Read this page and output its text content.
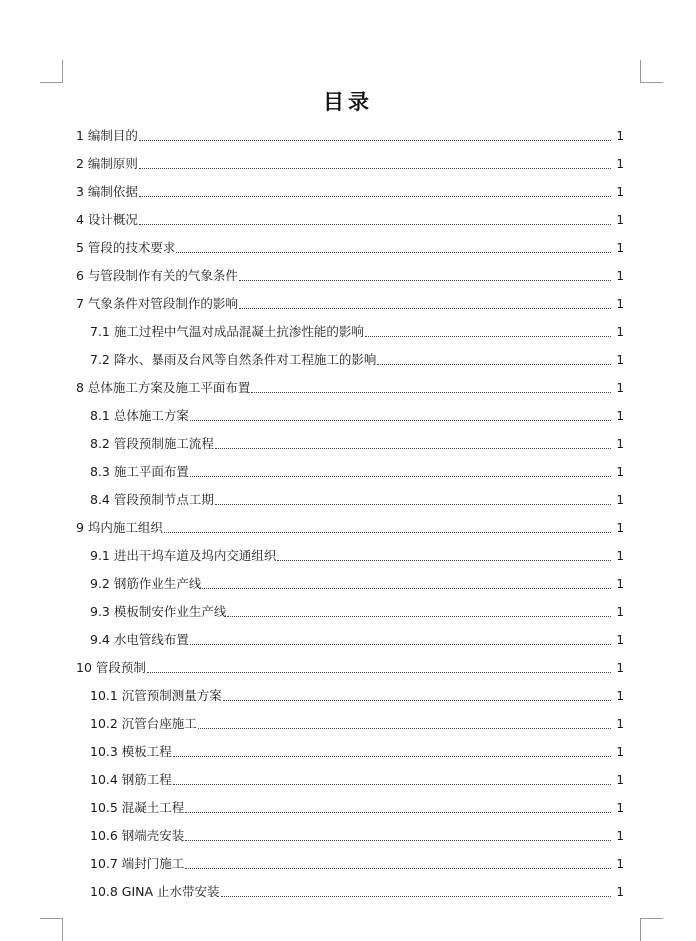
目录
1 编制目的	1
2 编制原则	1
3 编制依据	1
4 设计概况	1
5 管段的技术要求	1
6 与管段制作有关的气象条件	1
7 气象条件对管段制作的影响	1
7.1 施工过程中气温对成品混凝土抗渗性能的影响	1
7.2 降水、暴雨及台风等自然条件对工程施工的影响	1
8 总体施工方案及施工平面布置	1
8.1 总体施工方案	1
8.2 管段预制施工流程	1
8.3 施工平面布置	1
8.4 管段预制节点工期	1
9 坞内施工组织	1
9.1 进出干坞车道及坞内交通组织	1
9.2 钢筋作业生产线	1
9.3 模板制安作业生产线	1
9.4 水电管线布置	1
10 管段预制	1
10.1 沉管预制测量方案	1
10.2 沉管台座施工	1
10.3 模板工程	1
10.4 钢筋工程	1
10.5 混凝土工程	1
10.6 钢端壳安装	1
10.7 端封门施工	1
10.8 GINA 止水带安装	1
